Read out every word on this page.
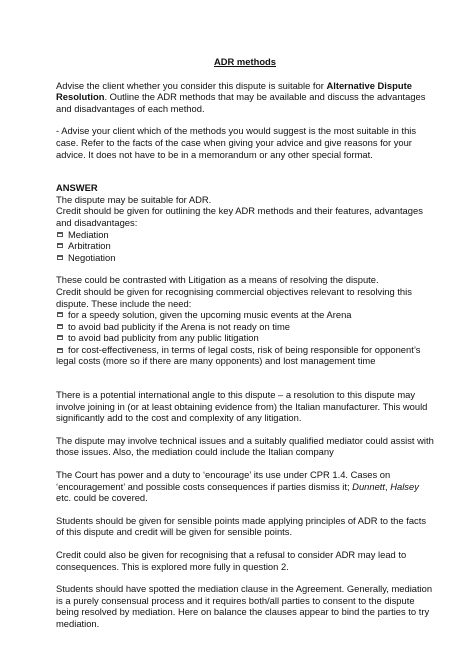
ADR methods

Advise the client whether you consider this dispute is suitable for Alternative Dispute Resolution. Outline the ADR methods that may be available and discuss the advantages and disadvantages of each method.

- Advise your client which of the methods you would suggest is the most suitable in this case. Refer to the facts of the case when giving your advice and give reasons for your advice. It does not have to be in a memorandum or any other special format.

ANSWER

The dispute may be suitable for ADR.

Credit should be given for outlining the key ADR methods and their features, advantages and disadvantages:

Mediation
Arbitration
Negotiation

These could be contrasted with Litigation as a means of resolving the dispute.

Credit should be given for recognising commercial objectives relevant to resolving this dispute. These include the need:

for a speedy solution, given the upcoming music events at the Arena
to avoid bad publicity if the Arena is not ready on time
to avoid bad publicity from any public litigation

for cost-effectiveness, in terms of legal costs, risk of being responsible for opponent’s legal costs (more so if there are many opponents) and lost management time

There is a potential international angle to this dispute – a resolution to this dispute may involve joining in (or at least obtaining evidence from) the Italian manufacturer. This would significantly add to the cost and complexity of any litigation.

The dispute may involve technical issues and a suitably qualified mediator could assist with those issues. Also, the mediation could include the Italian company

The Court has power and a duty to ‘encourage’ its use under CPR 1.4. Cases on ‘encouragement’ and possible costs consequences if parties dismiss it; Dunnett, Halsey etc. could be covered.

Students should be given for sensible points made applying principles of ADR to the facts of this dispute and credit will be given for sensible points.

Credit could also be given for recognising that a refusal to consider ADR may lead to consequences. This is explored more fully in question 2.

Students should have spotted the mediation clause in the Agreement. Generally, mediation is a purely consensual process and it requires both/all parties to consent to the dispute being resolved by mediation. Here on balance the clauses appear to bind the parties to try mediation.
